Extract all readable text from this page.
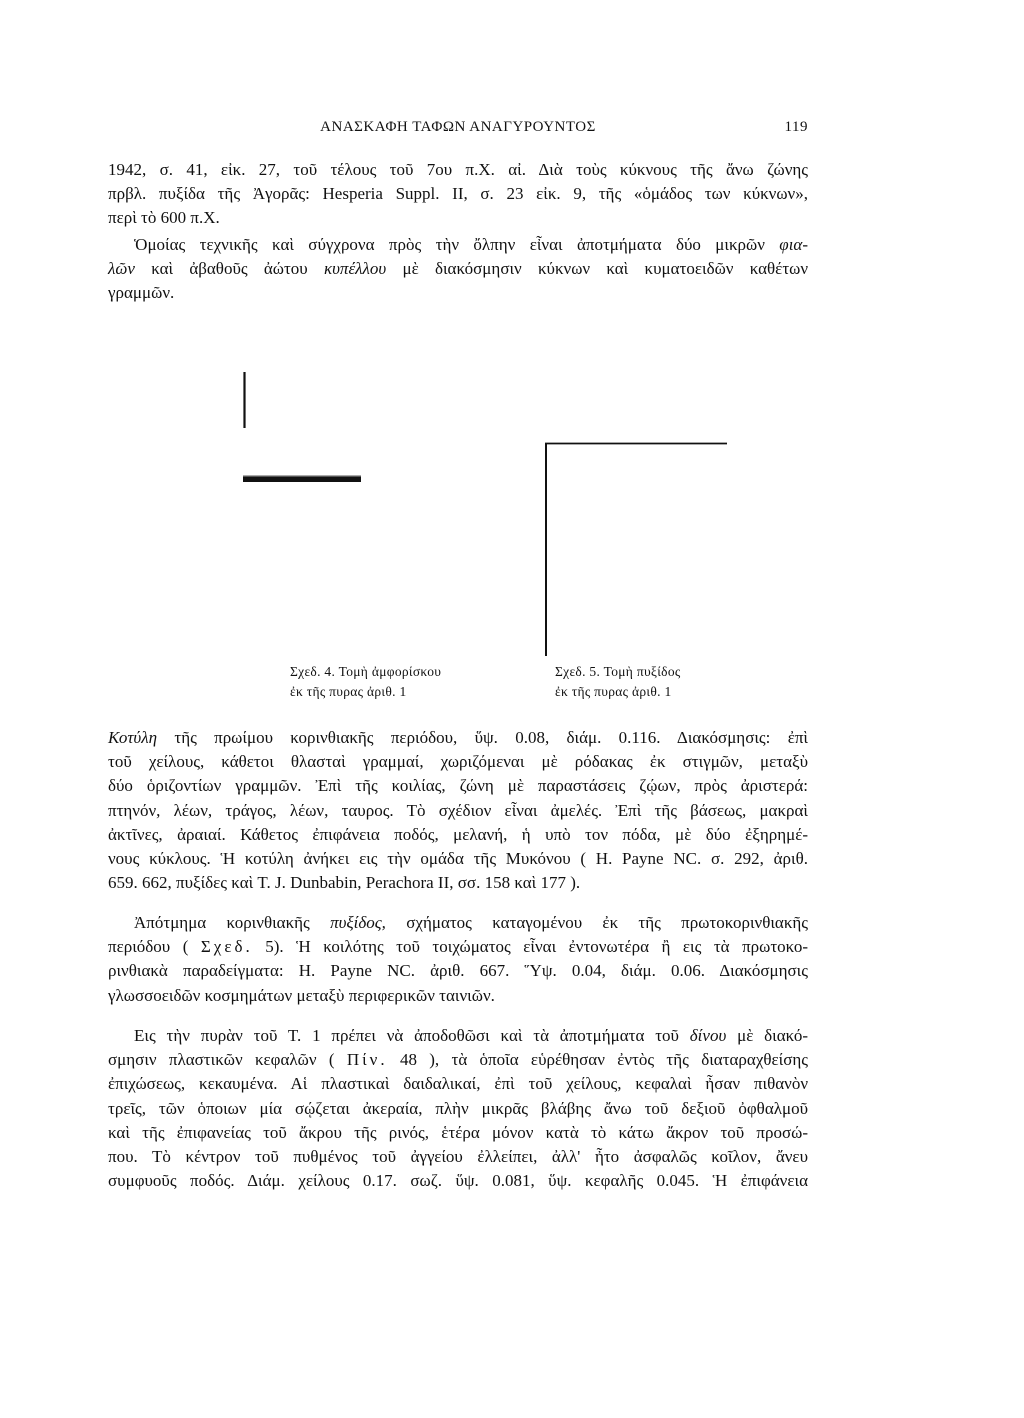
ΑΝΑΣΚΑΦΗ ΤΑΦΩΝ ΑΝΑΓΥΡΟΥΝΤΟΣ	119

1942, σ. 41, εἰκ. 27, τοῦ τέλους τοῦ 7ου π.Χ. αἰ. Διὰ τοὺς κύκνους τῆς ἄνω ζώνης
πρβλ. πυξίδα τῆς Ἀγορᾶς: Hesperia Suppl. II, σ. 23 εἰκ. 9, τῆς «ὁμάδος των κύκνων»,
περὶ τὸ 600 π.Χ.

Ὁμοίας τεχνικῆς καὶ σύγχρονα πρὸς τὴν ὄλπην εἶναι ἀποτμήματα δύο μικρῶν φια-
λῶν καὶ ἀβαθοῦς ἀώτου κυπέλλου μὲ διακόσμησιν κύκνων καὶ κυματοειδῶν καθέτων
γραμμῶν.

Σχεδ. 4. Τομὴ ἀμφορίσκου
ἐκ τῆς πυρας ἀριθ. 1
Σχεδ. 5. Τομὴ πυξίδος
ἐκ τῆς πυρας ἀριθ. 1

Κοτύλη τῆς πρωίμου κορινθιακῆς περιόδου, ὕψ. 0.08, διάμ. 0.116. Διακόσμησις: ἐπὶ
τοῦ χείλους, κάθετοι θλασταὶ γραμμαί, χωριζόμεναι μὲ ρόδακας ἐκ στιγμῶν, μεταξὺ
δύο ὁριζοντίων γραμμῶν. Ἐπὶ τῆς κοιλίας, ζώνη μὲ παραστάσεις ζῴων, πρὸς ἀριστερά:
πτηνόν, λέων, τράγος, λέων, ταυρος. Τὸ σχέδιον εἶναι ἀμελές. Ἐπὶ τῆς βάσεως, μακραὶ
ἀκτῖνες, ἀραιαί. Κάθετος ἐπιφάνεια ποδός, μελανή, ἡ υπὸ τον πόδα, μὲ δύο ἐξηρημέ-
νους κύκλους. Ἡ κοτύλη ἀνήκει εις τὴν ομάδα τῆς Μυκόνου ( H. Payne NC. σ. 292, ἀριθ.
659. 662, πυξίδες καὶ T. J. Dunbabin, Perachora II, σσ. 158 καὶ 177 ).

Ἀπότμημα κορινθιακῆς πυξίδος, σχήματος καταγομένου ἐκ τῆς πρωτοκορινθιακῆς
περιόδου ( Σχεδ. 5). Ἡ κοιλότης τοῦ τοιχώματος εἶναι ἐντονωτέρα ἢ εις τὰ πρωτοκο-
ρινθιακὰ παραδείγματα: H. Payne NC. ἀριθ. 667. Ὕψ. 0.04, διάμ. 0.06. Διακόσμησις
γλωσσοειδῶν κοσμημάτων μεταξὺ περιφερικῶν ταινιῶν.

Εις τὴν πυρὰν τοῦ Τ. 1 πρέπει νὰ ἀποδοθῶσι καὶ τὰ ἀποτμήματα τοῦ δίνου μὲ διακό-
σμησιν πλαστικῶν κεφαλῶν ( Πίν. 48 ), τὰ ὁποῖα εὑρέθησαν ἐντὸς τῆς διαταραχθείσης
ἐπιχώσεως, κεκαυμένα. Αἱ πλαστικαὶ δαιδαλικαί, ἐπὶ τοῦ χείλους, κεφαλαὶ ἦσαν πιθανὸν
τρεῖς, τῶν ὁποιων μία σῴζεται ἀκεραία, πλὴν μικρᾶς βλάβης ἄνω τοῦ δεξιοῦ ὀφθαλμοῦ
καὶ τῆς ἐπιφανείας τοῦ ἄκρου τῆς ρινός, ἑτέρα μόνον κατὰ τὸ κάτω ἄκρον τοῦ προσώ-
που. Τὸ κέντρον τοῦ πυθμένος τοῦ ἀγγείου ἐλλείπει, ἀλλ' ἦτο ἀσφαλῶς κοῖλον, ἄνευ
συμφυοῦς ποδός. Διάμ. χείλους 0.17. σωζ. ὕψ. 0.081, ὕψ. κεφαλῆς 0.045. Ἡ ἐπιφάνεια
